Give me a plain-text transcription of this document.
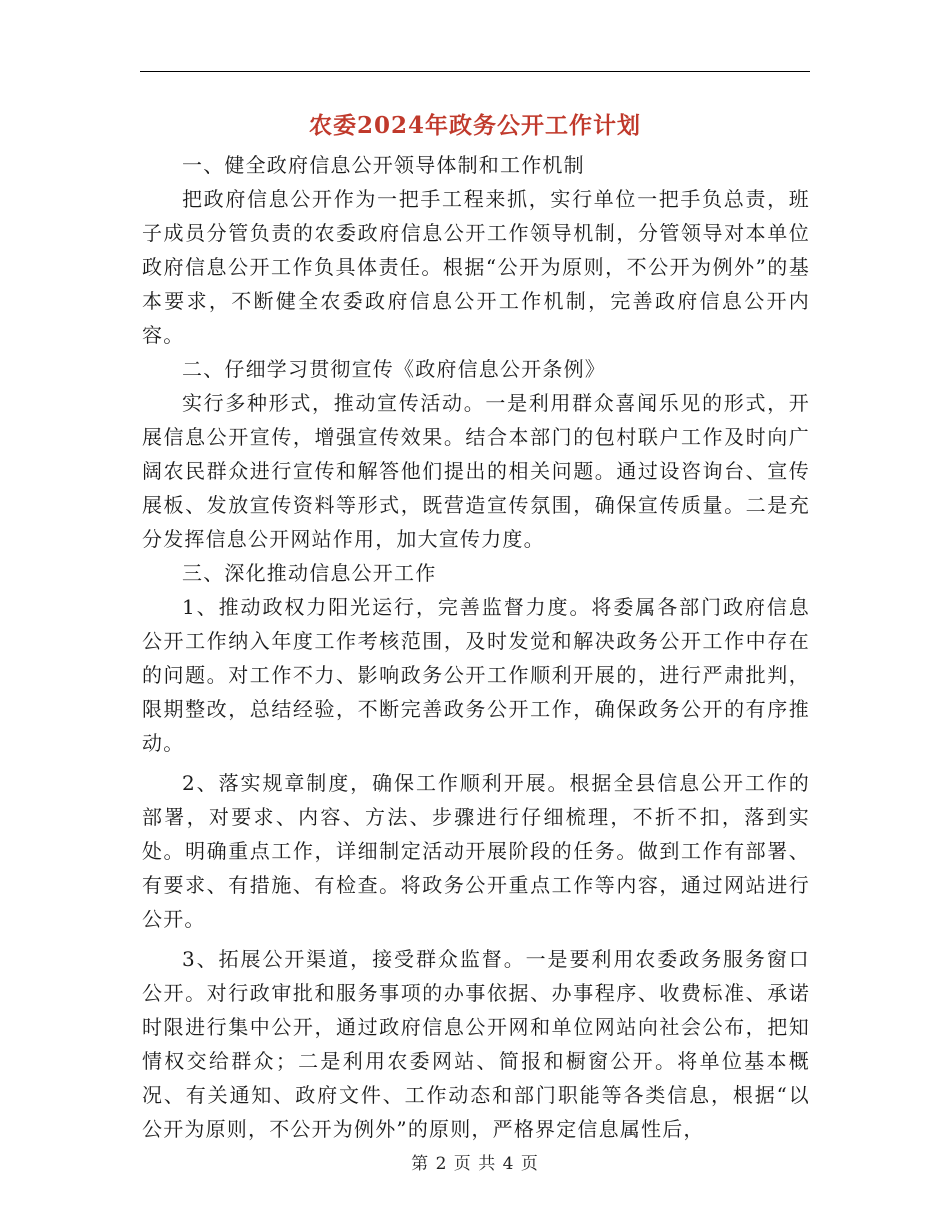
农委2024年政务公开工作计划

一、健全政府信息公开领导体制和工作机制

把政府信息公开作为一把手工程来抓，实行单位一把手负总责，班子成员分管负责的农委政府信息公开工作领导机制，分管领导对本单位政府信息公开工作负具体责任。根据“公开为原则，不公开为例外”的基本要求，不断健全农委政府信息公开工作机制，完善政府信息公开内容。

二、仔细学习贯彻宣传《政府信息公开条例》

实行多种形式，推动宣传活动。一是利用群众喜闻乐见的形式，开展信息公开宣传，增强宣传效果。结合本部门的包村联户工作及时向广阔农民群众进行宣传和解答他们提出的相关问题。通过设咨询台、宣传展板、发放宣传资料等形式，既营造宣传氛围，确保宣传质量。二是充分发挥信息公开网站作用，加大宣传力度。

三、深化推动信息公开工作

1、推动政权力阳光运行，完善监督力度。将委属各部门政府信息公开工作纳入年度工作考核范围，及时发觉和解决政务公开工作中存在的问题。对工作不力、影响政务公开工作顺利开展的，进行严肃批判，限期整改，总结经验，不断完善政务公开工作，确保政务公开的有序推动。

2、落实规章制度，确保工作顺利开展。根据全县信息公开工作的部署，对要求、内容、方法、步骤进行仔细梳理，不折不扣，落到实处。明确重点工作，详细制定活动开展阶段的任务。做到工作有部署、有要求、有措施、有检查。将政务公开重点工作等内容，通过网站进行公开。

3、拓展公开渠道，接受群众监督。一是要利用农委政务服务窗口公开。对行政审批和服务事项的办事依据、办事程序、收费标准、承诺时限进行集中公开，通过政府信息公开网和单位网站向社会公布，把知情权交给群众；二是利用农委网站、简报和橱窗公开。将单位基本概况、有关通知、政府文件、工作动态和部门职能等各类信息，根据“以公开为原则，不公开为例外”的原则，严格界定信息属性后，

第 2 页 共 4 页
